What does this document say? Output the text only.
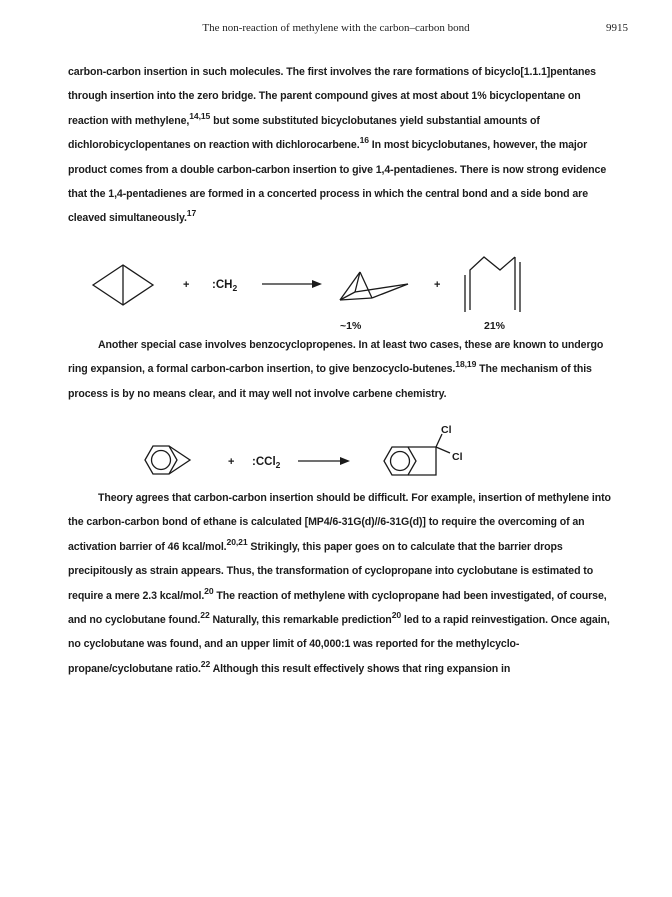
The non-reaction of methylene with the carbon–carbon bond	9915

carbon-carbon insertion in such molecules. The first involves the rare formations of bicyclo[1.1.1]pentanes through insertion into the zero bridge. The parent compound gives at most about 1% bicyclopentane on reaction with methylene,$^{14,15}$ but some substituted bicyclobutanes yield substantial amounts of dichlorobicyclopentanes on reaction with dichlorocarbene.$^{16}$ In most bicyclobutanes, however, the major product comes from a double carbon-carbon insertion to give 1,4-pentadienes. There is now strong evidence that the 1,4-pentadienes are formed in a concerted process in which the central bond and a side bond are cleaved simultaneously.$^{17}$

+ $:CH_2$	+
~1%	21%

Another special case involves benzocyclopropenes. In at least two cases, these are known to undergo ring expansion, a formal carbon-carbon insertion, to give benzocyclo-butenes.$^{18,19}$ The mechanism of this process is by no means clear, and it may well not involve carbene chemistry.

+ :CCl$_2$
Cl
Cl

Theory agrees that carbon-carbon insertion should be difficult. For example, insertion of methylene into the carbon-carbon bond of ethane is calculated [MP4/6-31G(d)//6-31G(d)] to require the overcoming of an activation barrier of 46 kcal/mol.$^{20,21}$ Strikingly, this paper goes on to calculate that the barrier drops precipitously as strain appears. Thus, the transformation of cyclopropane into cyclobutane is estimated to require a mere 2.3 kcal/mol.$^{20}$ The reaction of methylene with cyclopropane had been investigated, of course, and no cyclobutane found.$^{22}$ Naturally, this remarkable prediction$^{20}$ led to a rapid reinvestigation. Once again, no cyclobutane was found, and an upper limit of 40,000:1 was reported for the methylcyclo-propane/cyclobutane ratio.$^{22}$ Although this result effectively shows that ring expansion in
